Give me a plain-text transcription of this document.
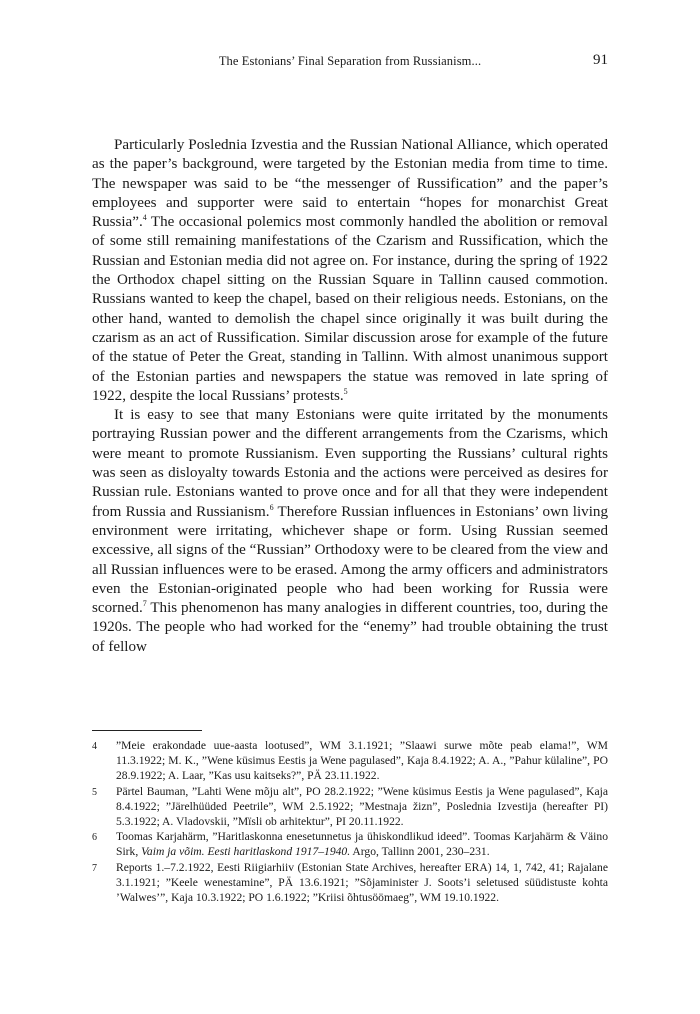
The Estonians’ Final Separation from Russianism...	91

Particularly Poslednia Izvestia and the Russian National Alliance, which operated as the paper’s background, were targeted by the Estonian media from time to time. The newspaper was said to be “the messenger of Russification” and the paper’s employees and supporter were said to entertain “hopes for monarchist Great Russia”.$^4$ The occasional polemics most commonly handled the abolition or removal of some still remaining manifestations of the Czarism and Russification, which the Russian and Estonian media did not agree on. For instance, during the spring of 1922 the Orthodox chapel sitting on the Russian Square in Tallinn caused commotion. Russians wanted to keep the chapel, based on their religious needs. Estonians, on the other hand, wanted to demolish the chapel since originally it was built during the czarism as an act of Russification. Similar discussion arose for example of the future of the statue of Peter the Great, standing in Tallinn. With almost unanimous support of the Estonian parties and newspapers the statue was removed in late spring of 1922, despite the local Russians’ protests.$^5$

It is easy to see that many Estonians were quite irritated by the monuments portraying Russian power and the different arrangements from the Czarisms, which were meant to promote Russianism. Even supporting the Russians’ cultural rights was seen as disloyalty towards Estonia and the actions were perceived as desires for Russian rule. Estonians wanted to prove once and for all that they were independent from Russia and Russianism.$^6$ Therefore Russian influences in Estonians’ own living environment were irritating, whichever shape or form. Using Russian seemed excessive, all signs of the “Russian” Orthodoxy were to be cleared from the view and all Russian influences were to be erased. Among the army officers and administrators even the Estonian-originated people who had been working for Russia were scorned.$^7$ This phenomenon has many analogies in different countries, too, during the 1920s. The people who had worked for the “enemy” had trouble obtaining the trust of fellow

4	”Meie erakondade uue-aasta lootused”, WM 3.1.1921; ”Slaawi surwe mõte peab elama!”, WM 11.3.1922; M. K., ”Wene küsimus Eestis ja Wene pagulased”, Kaja 8.4.1922; A. A., ”Pahur külaline”, PO 28.9.1922; A. Laar, ”Kas usu kaitseks?”, PÄ 23.11.1922.
5	Pärtel Bauman, ”Lahti Wene mõju alt”, PO 28.2.1922; ”Wene küsimus Eestis ja Wene pagulased”, Kaja 8.4.1922; ”Järelhüüded Peetrile”, WM 2.5.1922; ”Mestnaja žizn”, Poslednia Izvestija (hereafter PI) 5.3.1922; A. Vladovskii, ”Mïsli ob arhitektur”, PI 20.11.1922.
6	Toomas Karjahärm, ”Haritlaskonna enesetunnetus ja ühiskondlikud ideed”. Toomas Karjahärm & Väino Sirk, Vaim ja võim. Eesti haritlaskond 1917–1940. Argo, Tallinn 2001, 230–231.
7	Reports 1.–7.2.1922, Eesti Riigiarhiiv (Estonian State Archives, hereafter ERA) 14, 1, 742, 41; Rajalane 3.1.1921; ”Keele wenestamine”, PÄ 13.6.1921; ”Sõjaminister J. Soots’i seletused süüdistuste kohta ’Walwes’”, Kaja 10.3.1922; PO 1.6.1922; ”Kriisi õhtusöömaeg”, WM 19.10.1922.
